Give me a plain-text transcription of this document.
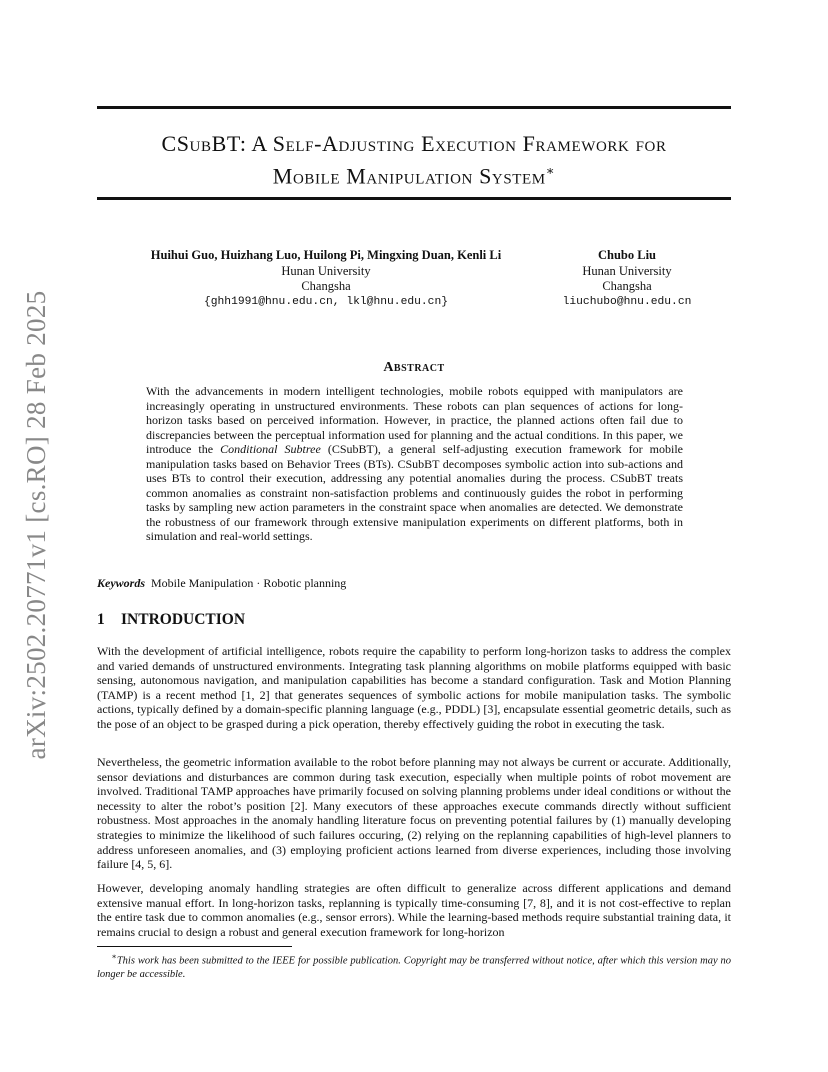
arXiv:2502.20771v1 [cs.RO] 28 Feb 2025
CSubBT: A Self-Adjusting Execution Framework for
Mobile Manipulation System∗
Huihui Guo, Huizhang Luo, Huilong Pi, Mingxing Duan, Kenli Li
Hunan University
Changsha
{ghh1991@hnu.edu.cn, lkl@hnu.edu.cn}
Chubo Liu
Hunan University
Changsha
liuchubo@hnu.edu.cn
Abstract
With the advancements in modern intelligent technologies, mobile robots equipped with manipulators are increasingly operating in unstructured environments. These robots can plan sequences of actions for long-horizon tasks based on perceived information. However, in practice, the planned actions often fail due to discrepancies between the perceptual information used for planning and the actual conditions. In this paper, we introduce the Conditional Subtree (CSubBT), a general self-adjusting execution framework for mobile manipulation tasks based on Behavior Trees (BTs). CSubBT decomposes symbolic action into sub-actions and uses BTs to control their execution, addressing any potential anomalies during the process. CSubBT treats common anomalies as constraint non-satisfaction problems and continuously guides the robot in performing tasks by sampling new action parameters in the constraint space when anomalies are detected. We demonstrate the robustness of our framework through extensive manipulation experiments on different platforms, both in simulation and real-world settings.
Keywords Mobile Manipulation · Robotic planning
1 INTRODUCTION

With the development of artificial intelligence, robots require the capability to perform long-horizon tasks to address the complex and varied demands of unstructured environments. Integrating task planning algorithms on mobile platforms equipped with basic sensing, autonomous navigation, and manipulation capabilities has become a standard configuration. Task and Motion Planning (TAMP) is a recent method [1, 2] that generates sequences of symbolic actions for mobile manipulation tasks. The symbolic actions, typically defined by a domain-specific planning language (e.g., PDDL) [3], encapsulate essential geometric details, such as the pose of an object to be grasped during a pick operation, thereby effectively guiding the robot in executing the task.

Nevertheless, the geometric information available to the robot before planning may not always be current or accurate. Additionally, sensor deviations and disturbances are common during task execution, especially when multiple points of robot movement are involved. Traditional TAMP approaches have primarily focused on solving planning problems under ideal conditions or without the necessity to alter the robot’s position [2]. Many executors of these approaches execute commands directly without sufficient robustness. Most approaches in the anomaly handling literature focus on preventing potential failures by (1) manually developing strategies to minimize the likelihood of such failures occuring, (2) relying on the replanning capabilities of high-level planners to address unforeseen anomalies, and (3) employing proficient actions learned from diverse experiences, including those involving failure [4, 5, 6].

However, developing anomaly handling strategies are often difficult to generalize across different applications and demand extensive manual effort. In long-horizon tasks, replanning is typically time-consuming [7, 8], and it is not cost-effective to replan the entire task due to common anomalies (e.g., sensor errors). While the learning-based methods require substantial training data, it remains crucial to design a robust and general execution framework for long-horizon

∗This work has been submitted to the IEEE for possible publication. Copyright may be transferred without notice, after which this version may no longer be accessible.
